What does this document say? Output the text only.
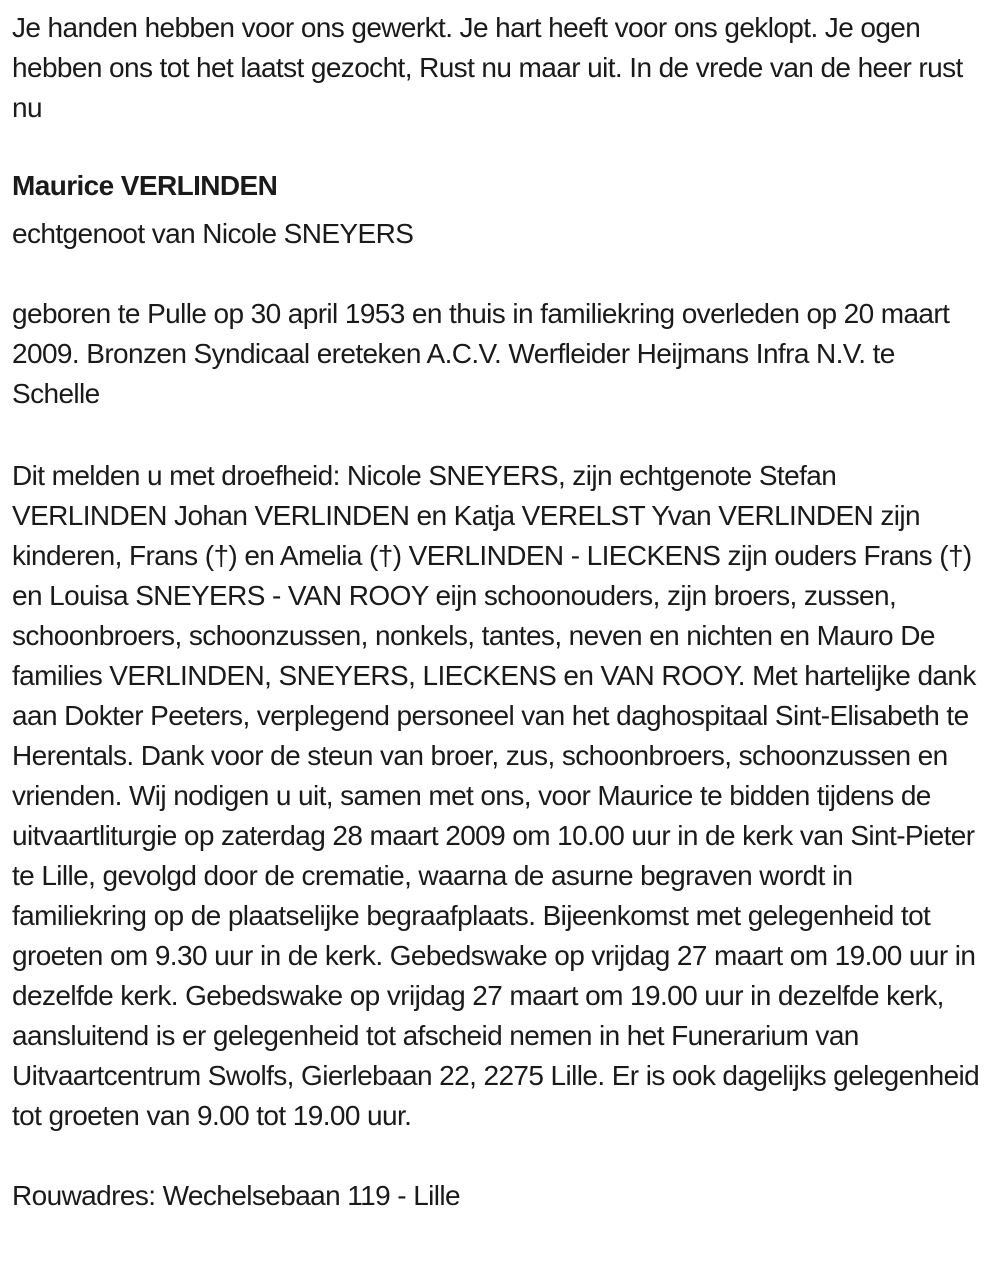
Je handen hebben voor ons gewerkt. Je hart heeft voor ons geklopt. Je ogen hebben ons tot het laatst gezocht, Rust nu maar uit. In de vrede van de heer rust nu

Maurice VERLINDEN

echtgenoot van Nicole SNEYERS

geboren te Pulle op 30 april 1953 en thuis in familiekring overleden op 20 maart 2009. Bronzen Syndicaal ereteken A.C.V. Werfleider Heijmans Infra N.V. te Schelle

Dit melden u met droefheid: Nicole SNEYERS, zijn echtgenote Stefan VERLINDEN Johan VERLINDEN en Katja VERELST Yvan VERLINDEN zijn kinderen, Frans (†) en Amelia (†) VERLINDEN - LIECKENS zijn ouders Frans (†) en Louisa SNEYERS - VAN ROOY eijn schoonouders, zijn broers, zussen, schoonbroers, schoonzussen, nonkels, tantes, neven en nichten en Mauro De families VERLINDEN, SNEYERS, LIECKENS en VAN ROOY. Met hartelijke dank aan Dokter Peeters, verplegend personeel van het daghospitaal Sint-Elisabeth te Herentals. Dank voor de steun van broer, zus, schoonbroers, schoonzussen en vrienden. Wij nodigen u uit, samen met ons, voor Maurice te bidden tijdens de uitvaartliturgie op zaterdag 28 maart 2009 om 10.00 uur in de kerk van Sint-Pieter te Lille, gevolgd door de crematie, waarna de asurne begraven wordt in familiekring op de plaatselijke begraafplaats. Bijeenkomst met gelegenheid tot groeten om 9.30 uur in de kerk. Gebedswake op vrijdag 27 maart om 19.00 uur in dezelfde kerk. Gebedswake op vrijdag 27 maart om 19.00 uur in dezelfde kerk, aansluitend is er gelegenheid tot afscheid nemen in het Funerarium van Uitvaartcentrum Swolfs, Gierlebaan 22, 2275 Lille. Er is ook dagelijks gelegenheid tot groeten van 9.00 tot 19.00 uur.

Rouwadres: Wechelsebaan 119 - Lille
